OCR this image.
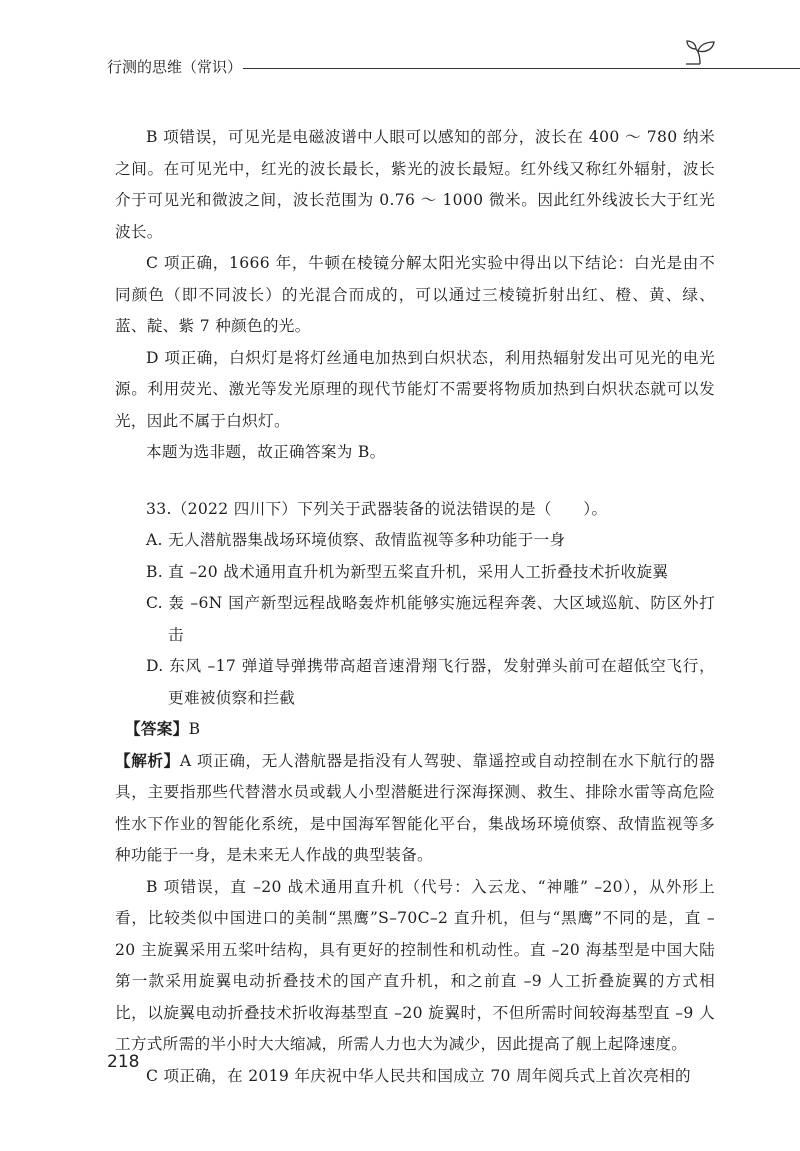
行测的思维（常识）

B 项错误，可见光是电磁波谱中人眼可以感知的部分，波长在 400 ～ 780 纳米之间。在可见光中，红光的波长最长，紫光的波长最短。红外线又称红外辐射，波长介于可见光和微波之间，波长范围为 0.76 ～ 1000 微米。因此红外线波长大于红光波长。

C 项正确，1666 年，牛顿在棱镜分解太阳光实验中得出以下结论：白光是由不同颜色（即不同波长）的光混合而成的，可以通过三棱镜折射出红、橙、黄、绿、蓝、靛、紫 7 种颜色的光。

D 项正确，白炽灯是将灯丝通电加热到白炽状态，利用热辐射发出可见光的电光源。利用荧光、激光等发光原理的现代节能灯不需要将物质加热到白炽状态就可以发光，因此不属于白炽灯。

本题为选非题，故正确答案为 B。

33.（2022 四川下）下列关于武器装备的说法错误的是（　　）。

A. 无人潜航器集战场环境侦察、敌情监视等多种功能于一身

B. 直 –20 战术通用直升机为新型五桨直升机，采用人工折叠技术折收旋翼

C. 轰 –6N 国产新型远程战略轰炸机能够实施远程奔袭、大区域巡航、防区外打击

D. 东风 –17 弹道导弹携带高超音速滑翔飞行器，发射弹头前可在超低空飞行，更难被侦察和拦截

【答案】B

【解析】A 项正确，无人潜航器是指没有人驾驶、靠遥控或自动控制在水下航行的器具，主要指那些代替潜水员或载人小型潜艇进行深海探测、救生、排除水雷等高危险性水下作业的智能化系统，是中国海军智能化平台，集战场环境侦察、敌情监视等多种功能于一身，是未来无人作战的典型装备。

B 项错误，直 –20 战术通用直升机（代号：入云龙、“神雕” –20），从外形上看，比较类似中国进口的美制“黑鹰”S–70C–2 直升机，但与“黑鹰”不同的是，直 –20 主旋翼采用五桨叶结构，具有更好的控制性和机动性。直 –20 海基型是中国大陆第一款采用旋翼电动折叠技术的国产直升机，和之前直 –9 人工折叠旋翼的方式相比，以旋翼电动折叠技术折收海基型直 –20 旋翼时，不但所需时间较海基型直 –9 人工方式所需的半小时大大缩减，所需人力也大为减少，因此提高了舰上起降速度。

C 项正确，在 2019 年庆祝中华人民共和国成立 70 周年阅兵式上首次亮相的

218
